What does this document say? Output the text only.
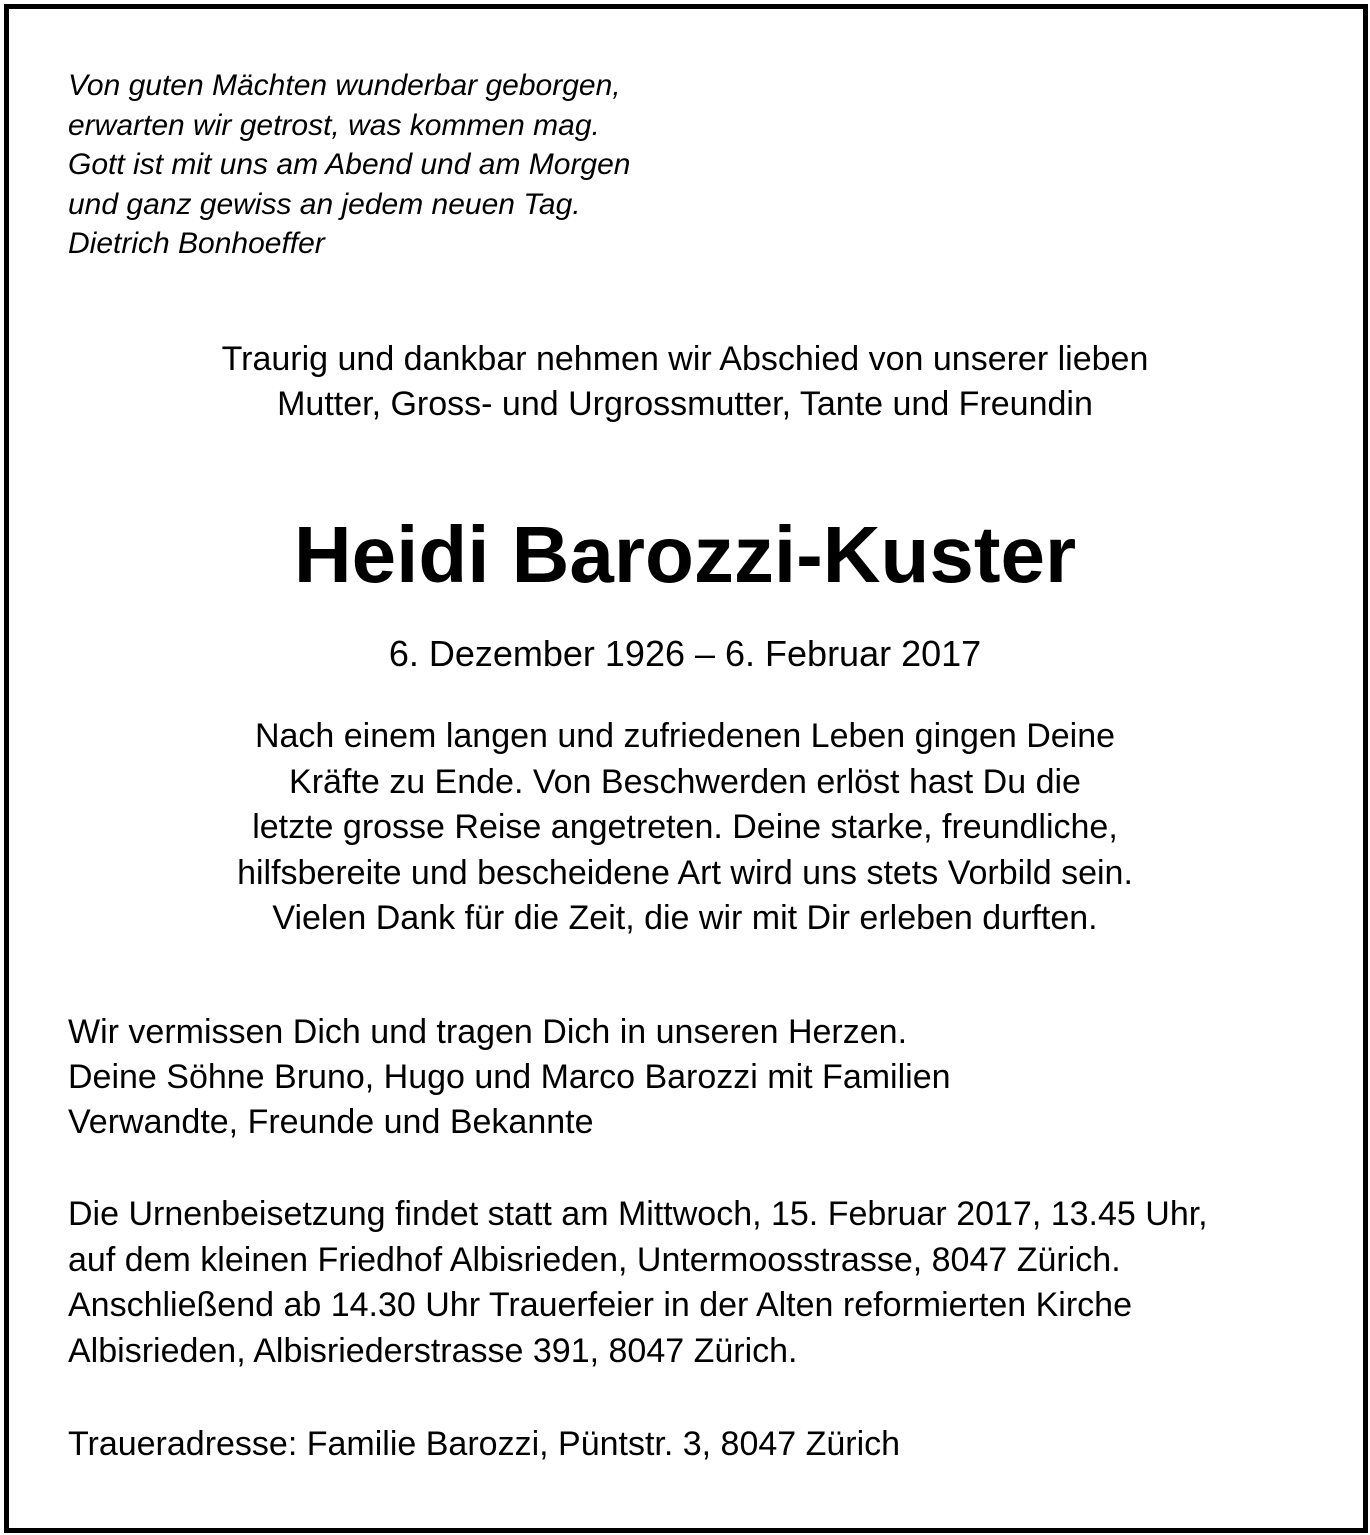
Von guten Mächten wunderbar geborgen,
erwarten wir getrost, was kommen mag.
Gott ist mit uns am Abend und am Morgen
und ganz gewiss an jedem neuen Tag.
Dietrich Bonhoeffer
Traurig und dankbar nehmen wir Abschied von unserer lieben
Mutter, Gross- und Urgrossmutter, Tante und Freundin
Heidi Barozzi-Kuster
6. Dezember 1926 – 6. Februar 2017
Nach einem langen und zufriedenen Leben gingen Deine
Kräfte zu Ende. Von Beschwerden erlöst hast Du die
letzte grosse Reise angetreten. Deine starke, freundliche,
hilfsbereite und bescheidene Art wird uns stets Vorbild sein.
Vielen Dank für die Zeit, die wir mit Dir erleben durften.
Wir vermissen Dich und tragen Dich in unseren Herzen.
Deine Söhne Bruno, Hugo und Marco Barozzi mit Familien
Verwandte, Freunde und Bekannte
Die Urnenbeisetzung findet statt am Mittwoch, 15. Februar 2017, 13.45 Uhr,
auf dem kleinen Friedhof Albisrieden, Untermoosstrasse, 8047 Zürich.
Anschließend ab 14.30 Uhr Trauerfeier in der Alten reformierten Kirche
Albisrieden, Albisriederstrasse 391, 8047 Zürich.
Traueradresse: Familie Barozzi, Püntstr. 3, 8047 Zürich
